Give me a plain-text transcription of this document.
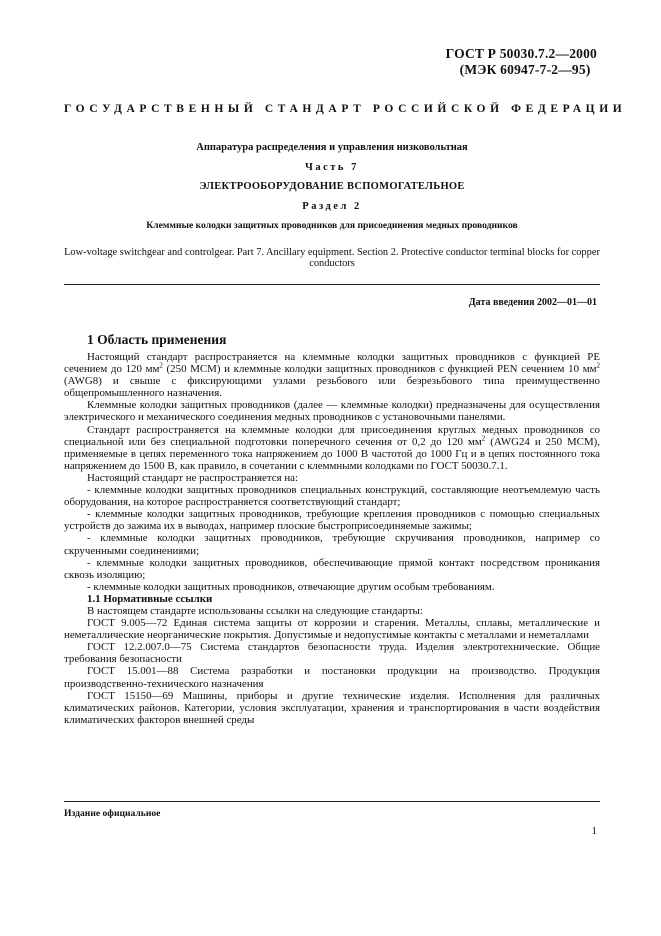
ГОСТ Р 50030.7.2—2000
(МЭК 60947-7-2—95)
ГОСУДАРСТВЕННЫЙ СТАНДАРТ РОССИЙСКОЙ ФЕДЕРАЦИИ
Аппаратура распределения и управления низковольтная
Часть 7
ЭЛЕКТРООБОРУДОВАНИЕ ВСПОМОГАТЕЛЬНОЕ
Раздел 2
Клеммные колодки защитных проводников для присоединения медных проводников
Low-voltage switchgear and controlgear. Part 7. Ancillary equipment. Section 2. Protective conductor terminal blocks for copper conductors
Дата введения 2002—01—01
1 Область применения

Настоящий стандарт распространяется на клеммные колодки защитных проводников с функцией PE сечением до 120 $мм^2$ (250 MCM) и клеммные колодки защитных проводников с функцией PEN сечением 10 $мм^2$ (AWG8) и свыше с фиксирующими узлами резьбового или безрезьбового типа преимущественно общепромышленного назначения.

Клеммные колодки защитных проводников (далее — клеммные колодки) предназначены для осуществления электрического и механического соединения медных проводников с установочными панелями.

Стандарт распространяется на клеммные колодки для присоединения круглых медных проводников со специальной или без специальной подготовки поперечного сечения от 0,2 до 120 $мм^2$ (AWG24 и 250 MCM), применяемые в цепях переменного тока напряжением до 1000 В частотой до 1000 Гц и в цепях постоянного тока напряжением до 1500 В, как правило, в сочетании с клеммными колодками по ГОСТ 50030.7.1.

Настоящий стандарт не распространяется на:

- клеммные колодки защитных проводников специальных конструкций, составляющие неотъемлемую часть оборудования, на которое распространяется соответствующий стандарт;

- клеммные колодки защитных проводников, требующие крепления проводников с помощью специальных устройств до зажима их в выводах, например плоские быстроприсоединяемые зажимы;

- клеммные колодки защитных проводников, требующие скручивания проводников, например со скрученными соединениями;

- клеммные колодки защитных проводников, обеспечивающие прямой контакт посредством проникания сквозь изоляцию;

- клеммные колодки защитных проводников, отвечающие другим особым требованиям.

1.1 Нормативные ссылки

В настоящем стандарте использованы ссылки на следующие стандарты:

ГОСТ 9.005—72 Единая система защиты от коррозии и старения. Металлы, сплавы, металлические и неметаллические неорганические покрытия. Допустимые и недопустимые контакты с металлами и неметаллами

ГОСТ 12.2.007.0—75 Система стандартов безопасности труда. Изделия электротехнические. Общие требования безопасности

ГОСТ 15.001—88 Система разработки и постановки продукции на производство. Продукция производственно-технического назначения

ГОСТ 15150—69 Машины, приборы и другие технические изделия. Исполнения для различных климатических районов. Категории, условия эксплуатации, хранения и транспортирования в части воздействия климатических факторов внешней среды

Издание официальное
1
